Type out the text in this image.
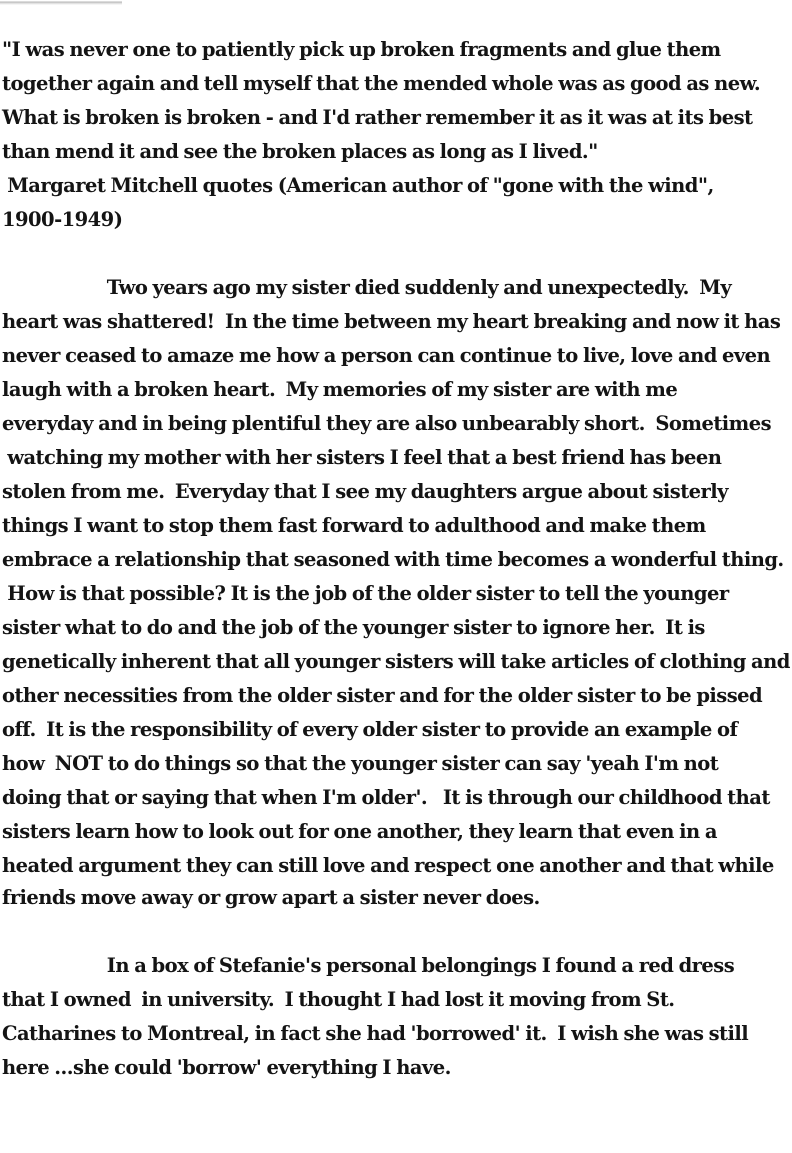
"I was never one to patiently pick up broken fragments and glue them
together again and tell myself that the mended whole was as good as new.
What is broken is broken - and I'd rather remember it as it was at its best
than mend it and see the broken places as long as I lived."
Margaret Mitchell quotes (American author of "gone with the wind",
1900-1949)
Two years ago my sister died suddenly and unexpectedly.  My
heart was shattered!  In the time between my heart breaking and now it has
never ceased to amaze me how a person can continue to live, love and even
laugh with a broken heart.  My memories of my sister are with me
everyday and in being plentiful they are also unbearably short.  Sometimes
watching my mother with her sisters I feel that a best friend has been
stolen from me.  Everyday that I see my daughters argue about sisterly
things I want to stop them fast forward to adulthood and make them
embrace a relationship that seasoned with time becomes a wonderful thing.
How is that possible? It is the job of the older sister to tell the younger
sister what to do and the job of the younger sister to ignore her.  It is
genetically inherent that all younger sisters will take articles of clothing and
other necessities from the older sister and for the older sister to be pissed
off.  It is the responsibility of every older sister to provide an example of
how  NOT to do things so that the younger sister can say 'yeah I'm not
doing that or saying that when I'm older'.   It is through our childhood that
sisters learn how to look out for one another, they learn that even in a
heated argument they can still love and respect one another and that while
friends move away or grow apart a sister never does.
In a box of Stefanie's personal belongings I found a red dress
that I owned  in university.  I thought I had lost it moving from St.
Catharines to Montreal, in fact she had 'borrowed' it.  I wish she was still
here ...she could 'borrow' everything I have.
